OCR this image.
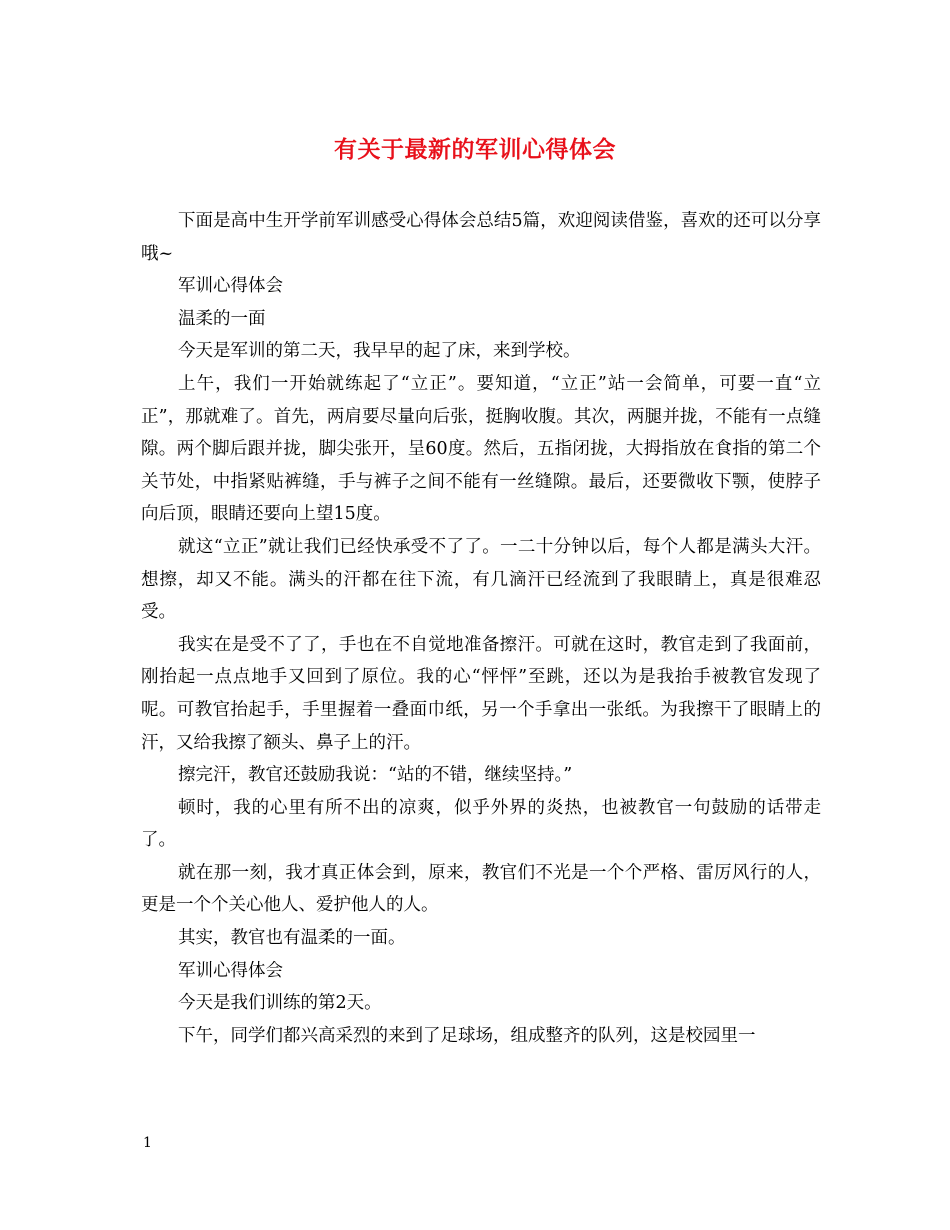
有关于最新的军训心得体会

下面是高中生开学前军训感受心得体会总结5篇，欢迎阅读借鉴，喜欢的还可以分享哦~

军训心得体会

温柔的一面

今天是军训的第二天，我早早的起了床，来到学校。

上午，我们一开始就练起了“立正”。要知道，“立正”站一会简单，可要一直“立正”，那就难了。首先，两肩要尽量向后张，挺胸收腹。其次，两腿并拢，不能有一点缝隙。两个脚后跟并拢，脚尖张开，呈60度。然后，五指闭拢，大拇指放在食指的第二个关节处，中指紧贴裤缝，手与裤子之间不能有一丝缝隙。最后，还要微收下颚，使脖子向后顶，眼睛还要向上望15度。

就这“立正”就让我们已经快承受不了了。一二十分钟以后，每个人都是满头大汗。想擦，却又不能。满头的汗都在往下流，有几滴汗已经流到了我眼睛上，真是很难忍受。

我实在是受不了了，手也在不自觉地准备擦汗。可就在这时，教官走到了我面前，刚抬起一点点地手又回到了原位。我的心“怦怦”至跳，还以为是我抬手被教官发现了呢。可教官抬起手，手里握着一叠面巾纸，另一个手拿出一张纸。为我擦干了眼睛上的汗，又给我擦了额头、鼻子上的汗。

擦完汗，教官还鼓励我说：“站的不错，继续坚持。”

顿时，我的心里有所不出的凉爽，似乎外界的炎热，也被教官一句鼓励的话带走了。

就在那一刻，我才真正体会到，原来，教官们不光是一个个严格、雷厉风行的人，更是一个个关心他人、爱护他人的人。

其实，教官也有温柔的一面。

军训心得体会

今天是我们训练的第2天。

下午，同学们都兴高采烈的来到了足球场，组成整齐的队列，这是校园里一

1
